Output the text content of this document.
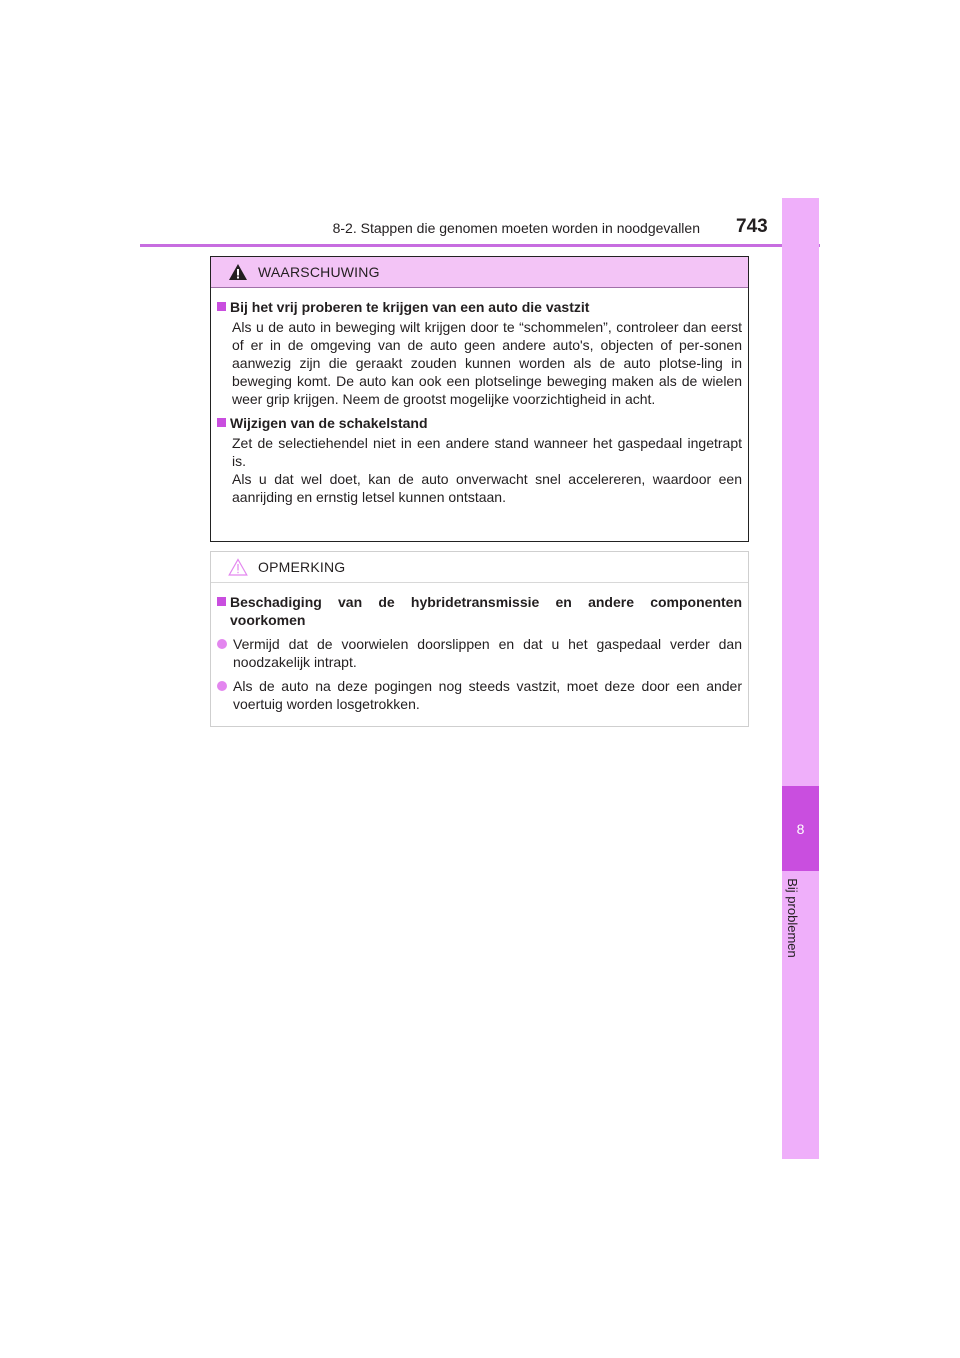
8-2. Stappen die genomen moeten worden in noodgevallen 743
8
Bij problemen
WAARSCHUWING
Bij het vrij proberen te krijgen van een auto die vastzit

Als u de auto in beweging wilt krijgen door te “schommelen”, controleer dan eerst of er in de omgeving van de auto geen andere auto's, objecten of per-sonen aanwezig zijn die geraakt zouden kunnen worden als de auto plotse-ling in beweging komt. De auto kan ook een plotselinge beweging maken als de wielen weer grip krijgen. Neem de grootst mogelijke voorzichtigheid in acht.

Wijzigen van de schakelstand

Zet de selectiehendel niet in een andere stand wanneer het gaspedaal ingetrapt is.

Als u dat wel doet, kan de auto onverwacht snel accelereren, waardoor een aanrijding en ernstig letsel kunnen ontstaan.

OPMERKING
Beschadiging van de hybridetransmissie en andere componenten
voorkomen
Vermijd dat de voorwielen doorslippen en dat u het gaspedaal verder dan noodzakelijk intrapt.
Als de auto na deze pogingen nog steeds vastzit, moet deze door een ander voertuig worden losgetrokken.
